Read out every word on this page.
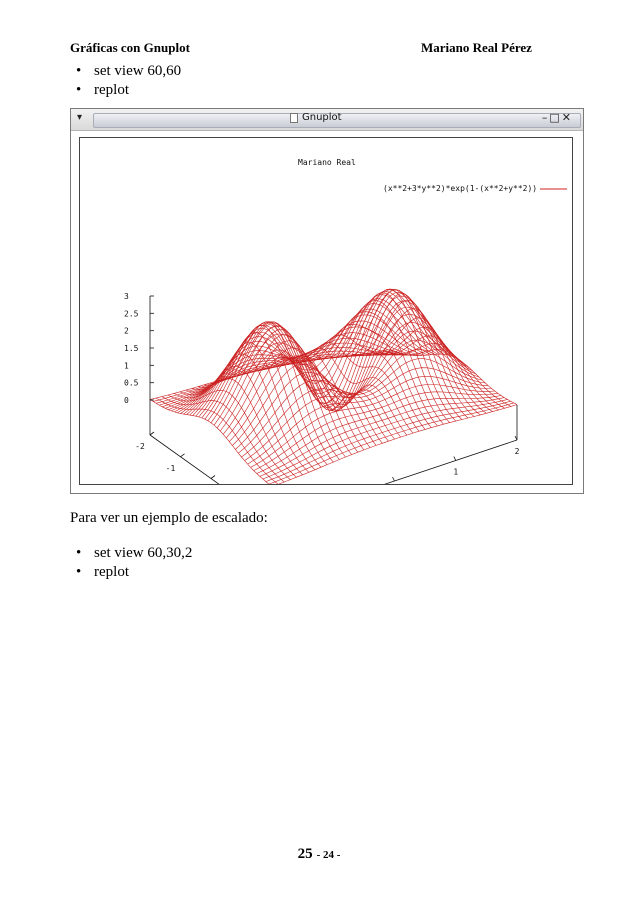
Gráficas con Gnuplot	Mariano Real Pérez
• set view 60,60
• replot
▾	Gnuplot	–□✕
Mariano Real
(x**2+3*y**2)*exp(1-(x**2+y**2))
0
0.5
1
1.5
2
2.5
3
-2
-1	1
2
Para ver un ejemplo de escalado:
• set view 60,30,2
• replot
25 - 24 -
